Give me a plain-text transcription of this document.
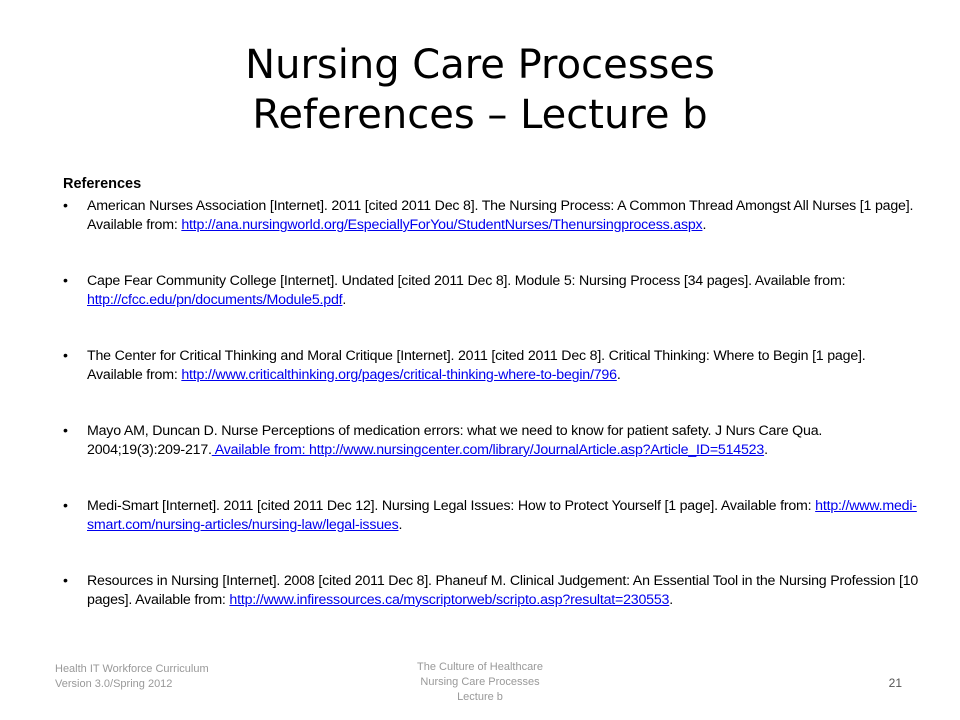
Nursing Care Processes
References – Lecture b
References
• American Nurses Association [Internet]. 2011 [cited 2011 Dec 8]. The Nursing Process: A Common Thread Amongst All Nurses [1 page]. Available from: http://ana.nursingworld.org/EspeciallyForYou/StudentNurses/Thenursingprocess.aspx.
• Cape Fear Community College [Internet]. Undated [cited 2011 Dec 8]. Module 5: Nursing Process [34 pages]. Available from: http://cfcc.edu/pn/documents/Module5.pdf.
• The Center for Critical Thinking and Moral Critique [Internet]. 2011 [cited 2011 Dec 8]. Critical Thinking: Where to Begin [1 page]. Available from: http://www.criticalthinking.org/pages/critical-thinking-where-to-begin/796.
• Mayo AM, Duncan D. Nurse Perceptions of medication errors: what we need to know for patient safety. J Nurs Care Qua. 2004;19(3):209-217. Available from: http://www.nursingcenter.com/library/JournalArticle.asp?Article_ID=514523.
• Medi-Smart [Internet]. 2011 [cited 2011 Dec 12]. Nursing Legal Issues: How to Protect Yourself [1 page]. Available from: http://www.medi-smart.com/nursing-articles/nursing-law/legal-issues.
• Resources in Nursing [Internet]. 2008 [cited 2011 Dec 8]. Phaneuf M. Clinical Judgement: An Essential Tool in the Nursing Profession [10 pages]. Available from: http://www.infiressources.ca/myscriptorweb/scripto.asp?resultat=230553.
Health IT Workforce Curriculum
Version 3.0/Spring 2012
The Culture of Healthcare
Nursing Care Processes
Lecture b
21
